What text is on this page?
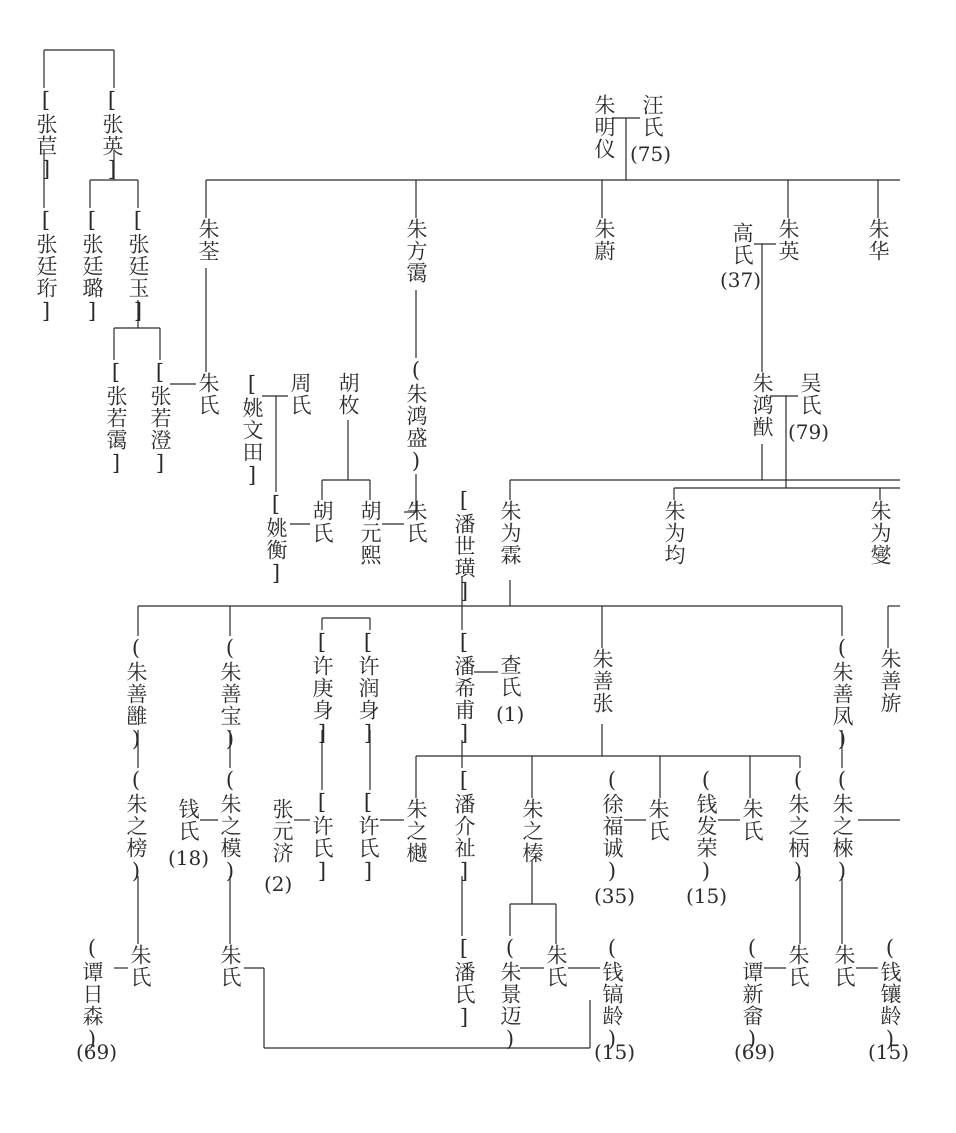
[张苣] [张英]
[张廷珩] [张廷璐] [张廷玉]
[张若霭] [张若澄] 朱氏
朱荃
朱明仪 汪氏
(75)
朱方霭	朱蔚	高氏
(37)
朱英	朱华
[姚文田] 周氏 胡枚 (朱鸿盛)	朱鸿猷 吴氏
(79)
[姚衡] 胡氏 胡元熙 朱氏 [潘世璜] 朱为霖	朱为均	朱为燮
(朱善雝)	(朱善宝)	[许庚身] [许润身]	[潘希甫] 查氏
(1)	朱善张	(朱善凤) 朱善旂
(朱之榜) 钱氏
(18) (朱之模) 张元济
(2) [许氏] [许氏] 朱之樾 [潘介祉] 朱之榛	(徐福诚)
(35)
朱氏 (钱发荣)
(15)
朱氏 (朱之柄) (朱之棶)
(谭日森)
(69)
朱氏	朱氏	[潘氏] (朱景迈) 朱氏 (钱镐龄)
(15)	(谭新畲)
(69)
朱氏 朱氏 (钱镶龄)
(15)
